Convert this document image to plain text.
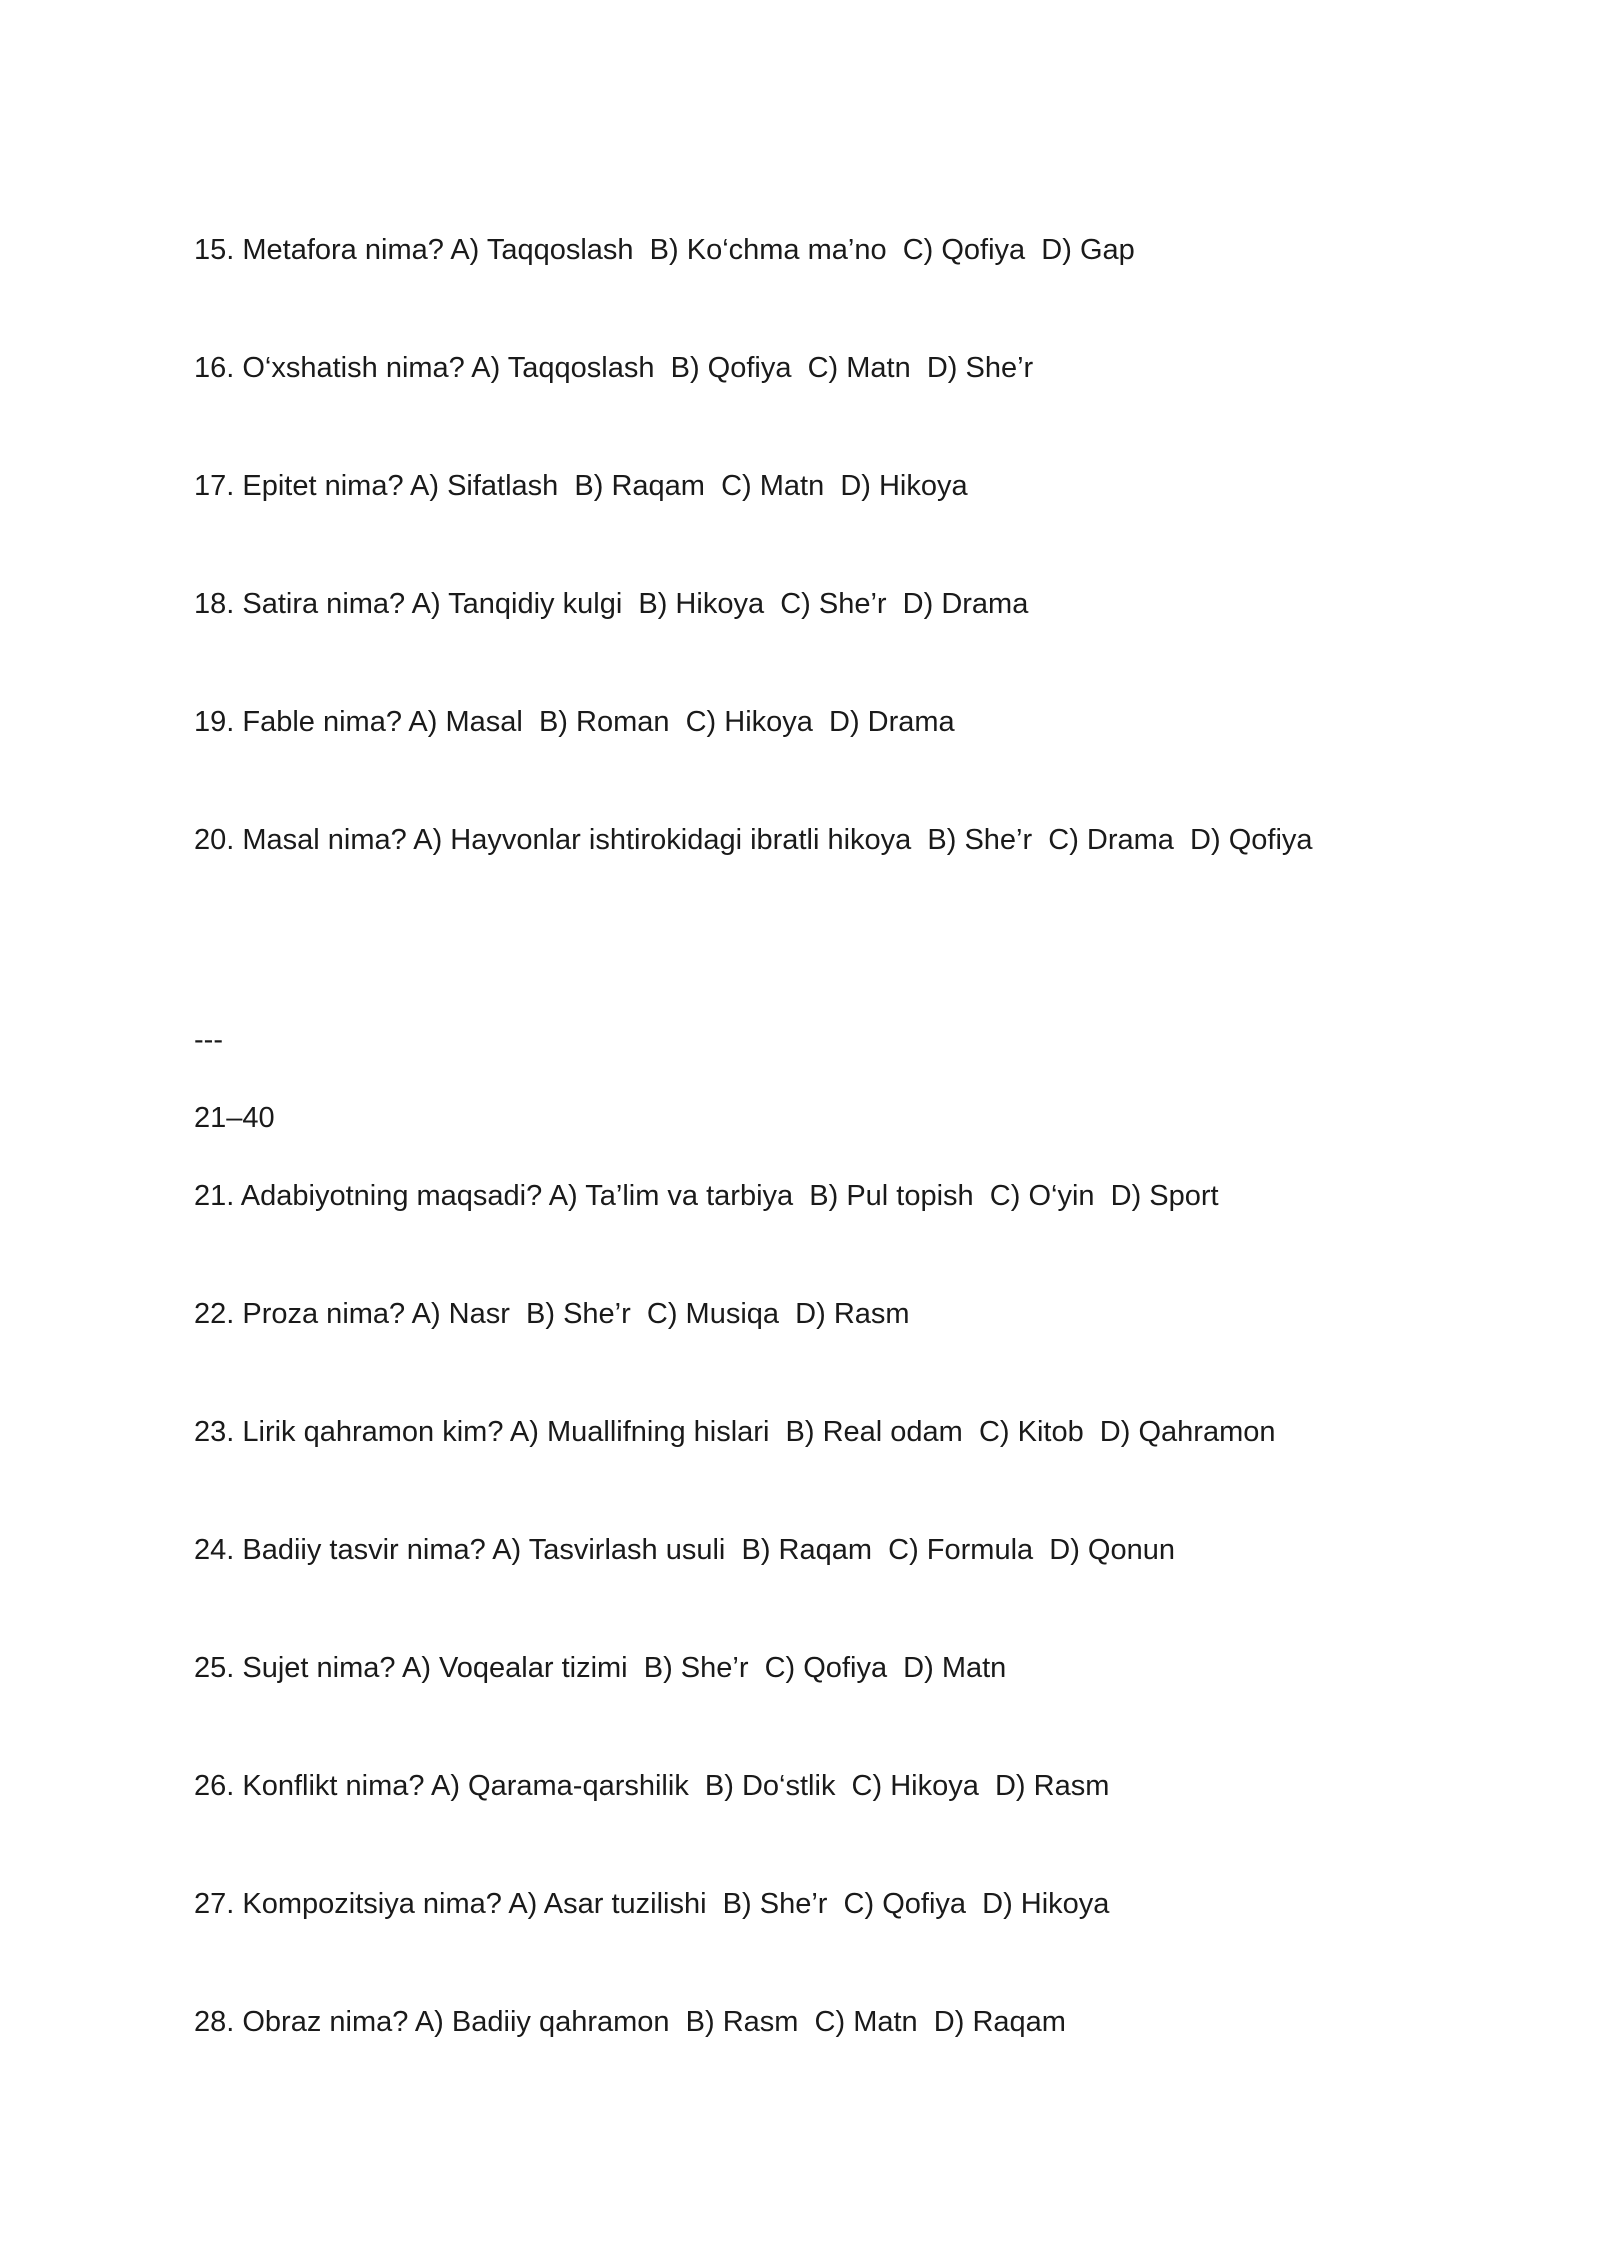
15. Metafora nima? A) Taqqoslash  B) Ko‘chma ma’no  C) Qofiya  D) Gap
16. O‘xshatish nima? A) Taqqoslash  B) Qofiya  C) Matn  D) She’r
17. Epitet nima? A) Sifatlash  B) Raqam  C) Matn  D) Hikoya
18. Satira nima? A) Tanqidiy kulgi  B) Hikoya  C) She’r  D) Drama
19. Fable nima? A) Masal  B) Roman  C) Hikoya  D) Drama
20. Masal nima? A) Hayvonlar ishtirokidagi ibratli hikoya  B) She’r  C) Drama  D) Qofiya
---
21–40
21. Adabiyotning maqsadi? A) Ta’lim va tarbiya  B) Pul topish  C) O‘yin  D) Sport
22. Proza nima? A) Nasr  B) She’r  C) Musiqa  D) Rasm
23. Lirik qahramon kim? A) Muallifning hislari  B) Real odam  C) Kitob  D) Qahramon
24. Badiiy tasvir nima? A) Tasvirlash usuli  B) Raqam  C) Formula  D) Qonun
25. Sujet nima? A) Voqealar tizimi  B) She’r  C) Qofiya  D) Matn
26. Konflikt nima? A) Qarama-qarshilik  B) Do‘stlik  C) Hikoya  D) Rasm
27. Kompozitsiya nima? A) Asar tuzilishi  B) She’r  C) Qofiya  D) Hikoya
28. Obraz nima? A) Badiiy qahramon  B) Rasm  C) Matn  D) Raqam
